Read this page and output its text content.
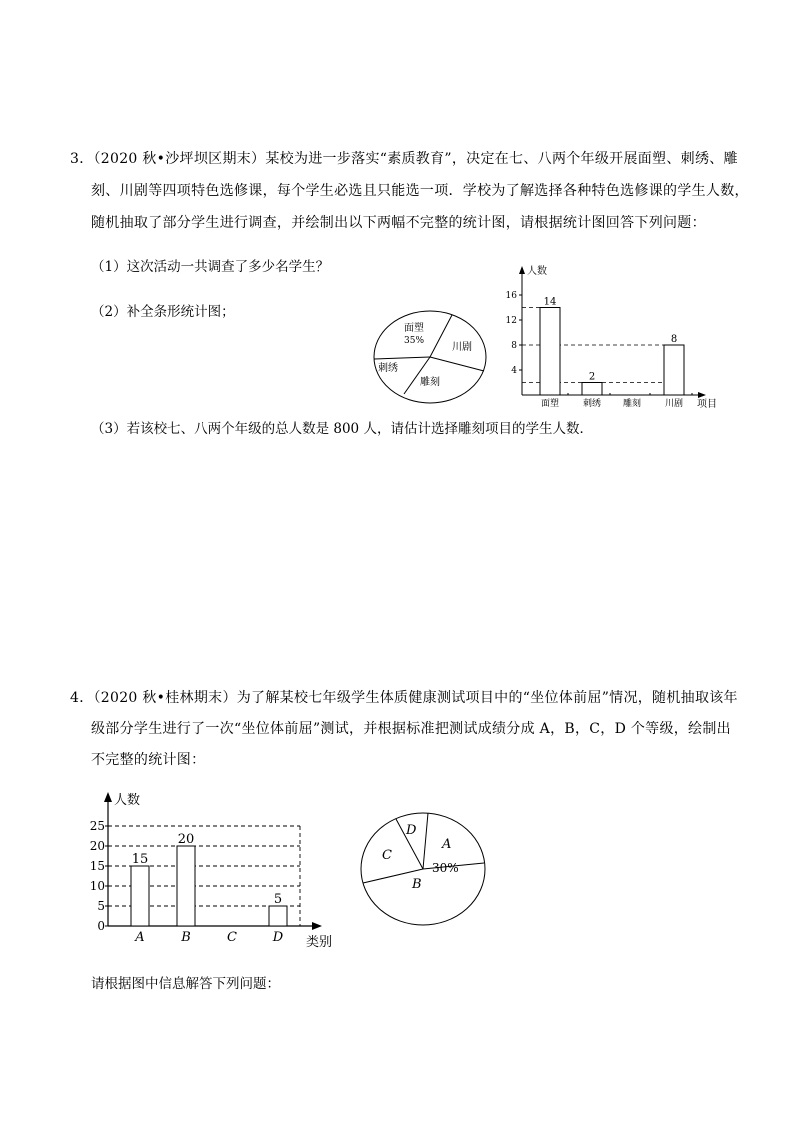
3．（2020 秋•沙坪坝区期末）某校为进一步落实“素质教育”，决定在七、八两个年级开展面塑、刺绣、雕
刻、川剧等四项特色选修课，每个学生必选且只能选一项．学校为了解选择各种特色选修课的学生人数，
随机抽取了部分学生进行调查，并绘制出以下两幅不完整的统计图，请根据统计图回答下列问题：
（1）这次活动一共调查了多少名学生？
（2）补全条形统计图；
（3）若该校七、八两个年级的总人数是 800 人，请估计选择雕刻项目的学生人数．
面塑
35%
川剧
雕刻
刺绣
人数
项目
4
8
12
16
面塑	刺绣 雕刻	川剧
14
2
8
4．（2020 秋•桂林期末）为了解某校七年级学生体质健康测试项目中的“坐位体前屈”情况，随机抽取该年
级部分学生进行了一次“坐位体前屈”测试，并根据标准把测试成绩分成 A，B，C，D 个等级，绘制出
不完整的统计图：
请根据图中信息解答下列问题：
人数
类别
0
5
10
15
20
25
A	B	C	D
15
20
5
D
A
30%
C
B
